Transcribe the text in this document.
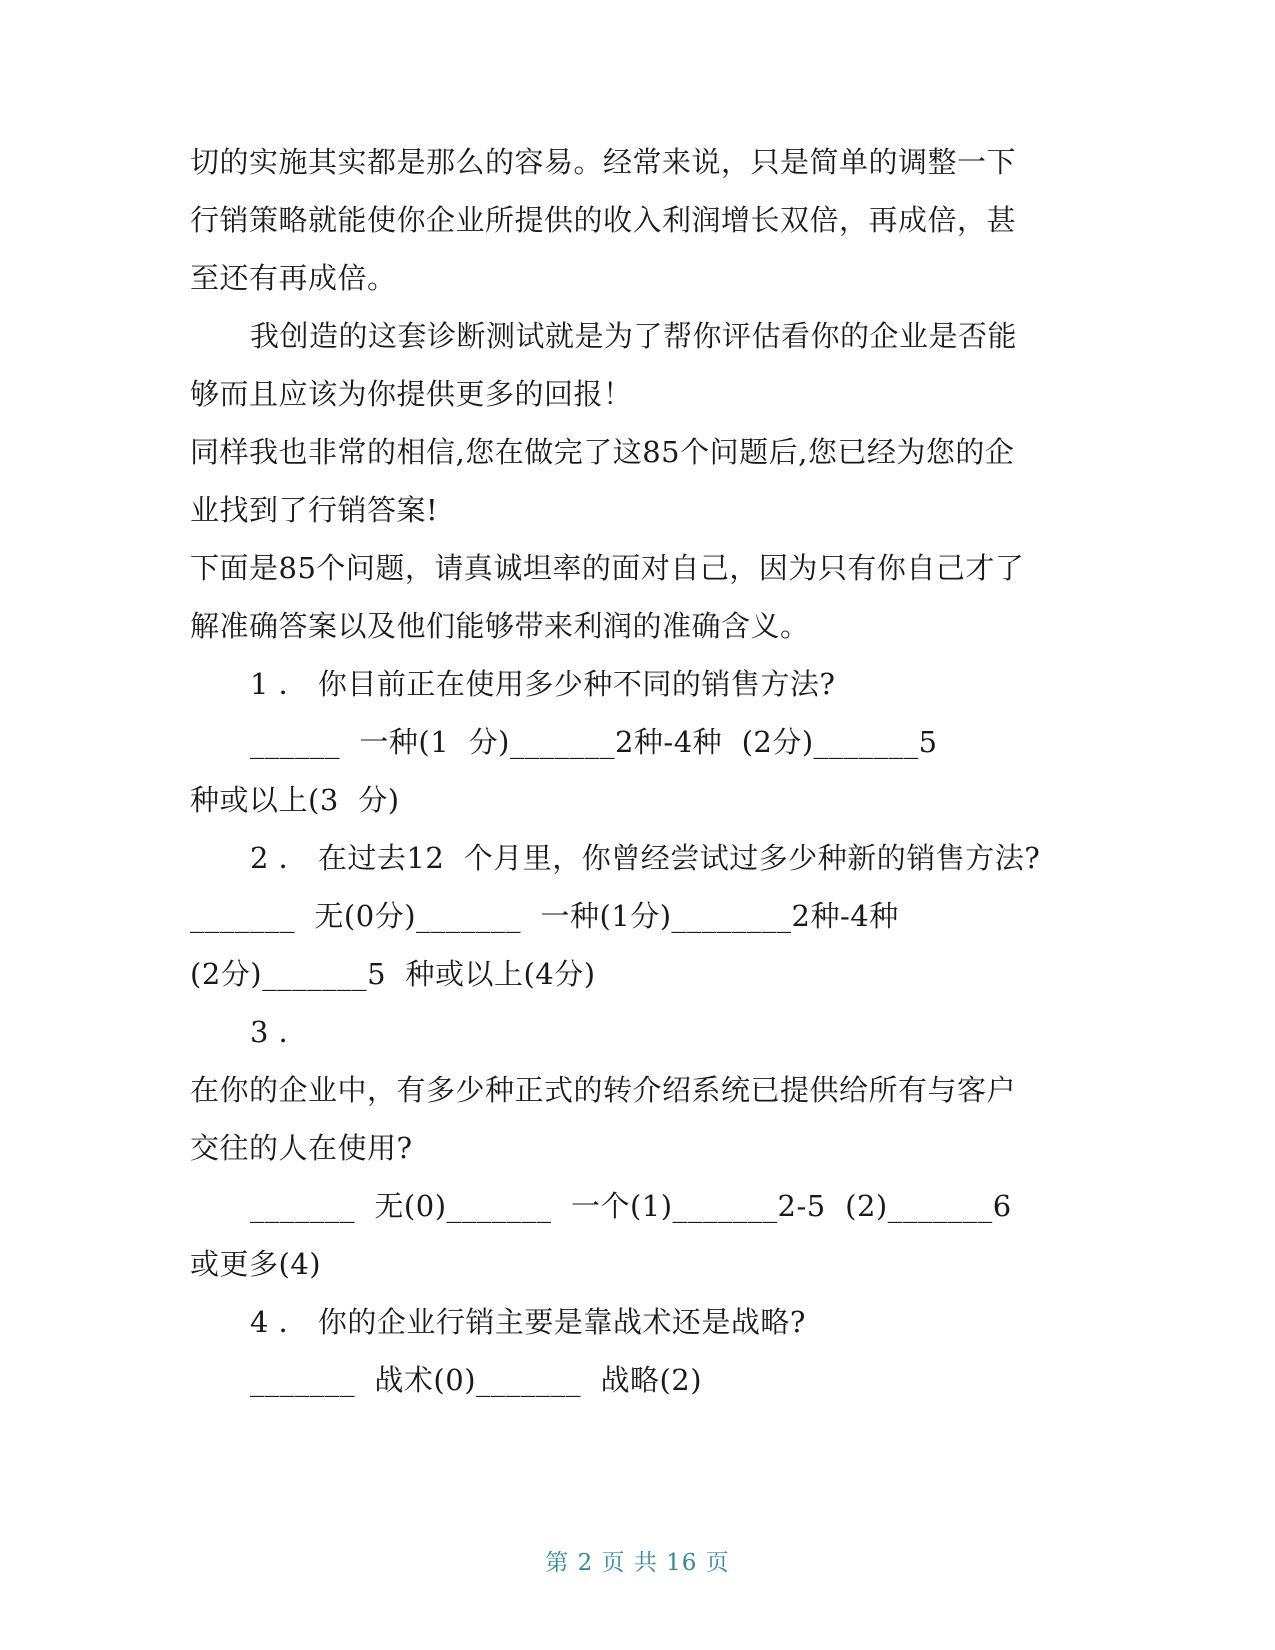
切的实施其实都是那么的容易。经常来说，只是简单的调整一下
行销策略就能使你企业所提供的收入利润增长双倍，再成倍，甚
至还有再成倍。
我创造的这套诊断测试就是为了帮你评估看你的企业是否能
够而且应该为你提供更多的回报！
同样我也非常的相信,您在做完了这85个问题后,您已经为您的企
业找到了行销答案!
下面是85个问题，请真诚坦率的面对自己，因为只有你自己才了
解准确答案以及他们能够带来利润的准确含义。
1 ． 你目前正在使用多少种不同的销售方法?
______  一种(1  分)_______2种-4种  (2分)_______5
种或以上(3  分)
2 ． 在过去12  个月里，你曾经尝试过多少种新的销售方法?
_______  无(0分)_______  一种(1分)________2种-4种
(2分)_______5  种或以上(4分)
3 ．
在你的企业中，有多少种正式的转介绍系统已提供给所有与客户
交往的人在使用?
_______  无(0)_______  一个(1)_______2-5  (2)_______6
或更多(4)
4 ． 你的企业行销主要是靠战术还是战略?
_______  战术(0)_______  战略(2)
第 2 页 共 16 页
